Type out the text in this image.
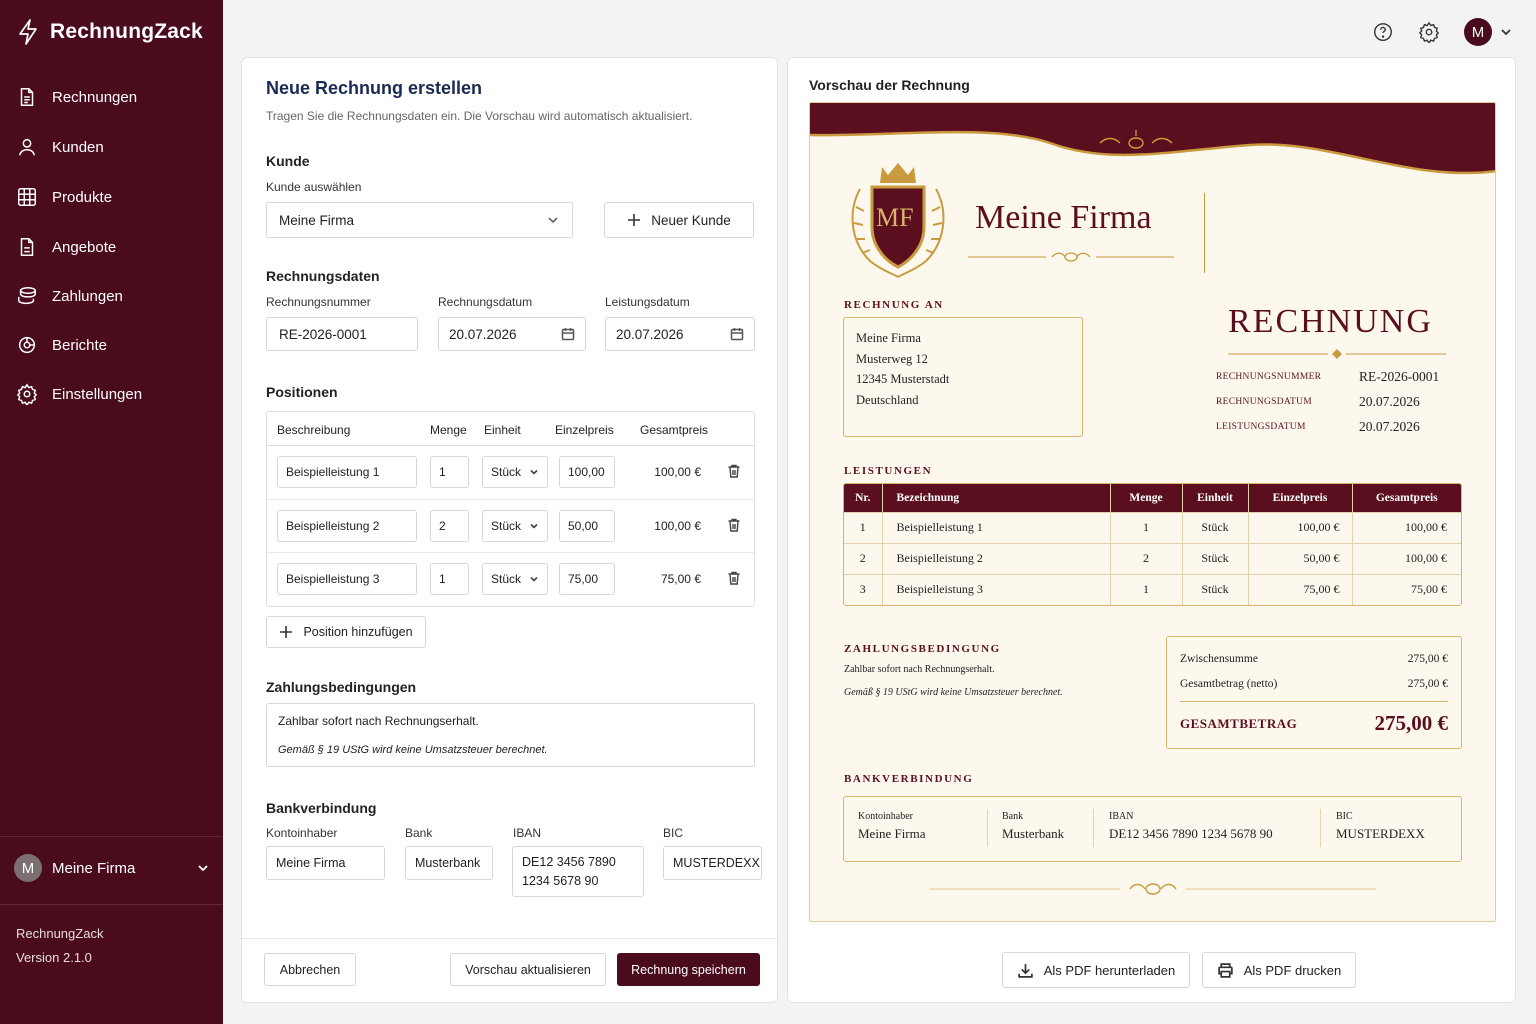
RechnungZack
Rechnungen
Kunden
Produkte
Angebote
Zahlungen
Berichte
Einstellungen
M	Meine Firma
RechnungZack
Version 2.1.0
M
Neue Rechnung erstellen
Tragen Sie die Rechnungsdaten ein. Die Vorschau wird automatisch aktualisiert.
Kunde
Kunde auswählen
Meine Firma	Neuer Kunde
Rechnungsdaten
Rechnungsnummer	Rechnungsdatum	Leistungsdatum
RE-2026-0001	20.07.2026	20.07.2026
Positionen
Beschreibung	Menge Einheit	Einzelpreis Gesamtpreis
Beispielleistung 1	1	Stück	100,00	100,00 €
Beispielleistung 2	2	Stück	50,00	100,00 €
Beispielleistung 3	1	Stück	75,00	75,00 €
Position hinzufügen
Zahlungsbedingungen
Zahlbar sofort nach Rechnungserhalt.
Gemäß § 19 UStG wird keine Umsatzsteuer berechnet.
Bankverbindung
Kontoinhaber	Bank	IBAN	BIC
Meine Firma	Musterbank	DE12 3456 7890
1234 5678 90
MUSTERDEXX
Abbrechen	Vorschau aktualisieren	Rechnung speichern
Vorschau der Rechnung
MF Meine Firma
RECHNUNG AN
Meine Firma
Musterweg 12
12345 Musterstadt
Deutschland
RECHNUNG
RECHNUNGSNUMMER	RE-2026-0001
RECHNUNGSDATUM	20.07.2026
LEISTUNGSDATUM	20.07.2026
LEISTUNGEN
Nr.	Bezeichnung	Menge	Einheit	Einzelpreis	Gesamtpreis
1	Beispielleistung 1	1	Stück	100,00 €	100,00 €
2	Beispielleistung 2	2	Stück	50,00 €	100,00 €
3	Beispielleistung 3	1	Stück	75,00 €	75,00 €
ZAHLUNGSBEDINGUNG
Zahlbar sofort nach Rechnungserhalt.
Gemäß § 19 UStG wird keine Umsatzsteuer berechnet.
Zwischensumme	275,00 €
Gesamtbetrag (netto)	275,00 €
GESAMTBETRAG	275,00 €
BANKVERBINDUNG
Kontoinhaber
Meine Firma
Bank
Musterbank
IBAN
DE12 3456 7890 1234 5678 90
BIC
MUSTERDEXX
Als PDF herunterladen	Als PDF drucken
